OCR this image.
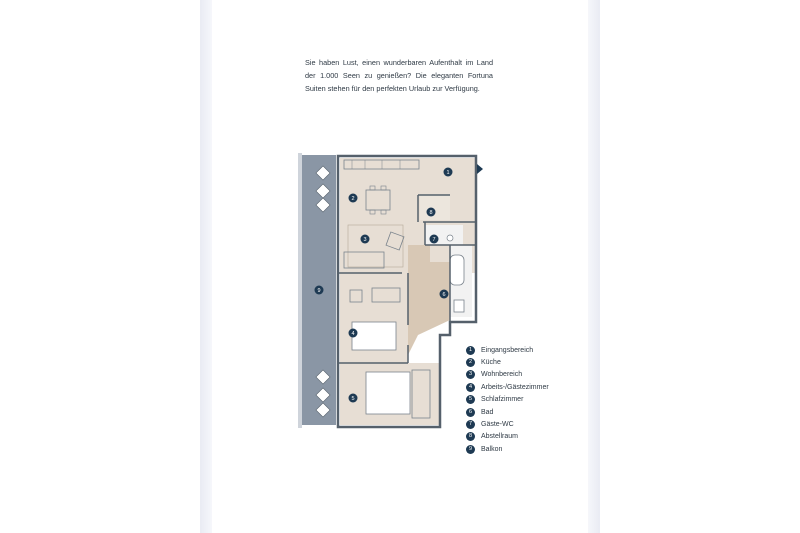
Sie haben Lust, einen wunderbaren Aufenthalt im Land der 1.000 Seen zu genießen? Die eleganten Fortuna Suiten stehen für den perfekten Urlaub zur Verfügung.

1
2
3
4
5
6
7
8
9
1	Eingangsbereich
2	Küche
3	Wohnbereich
4	Arbeits-/Gästezimmer
5	Schlafzimmer
6	Bad
7	Gäste-WC
8	Abstellraum
9	Balkon
